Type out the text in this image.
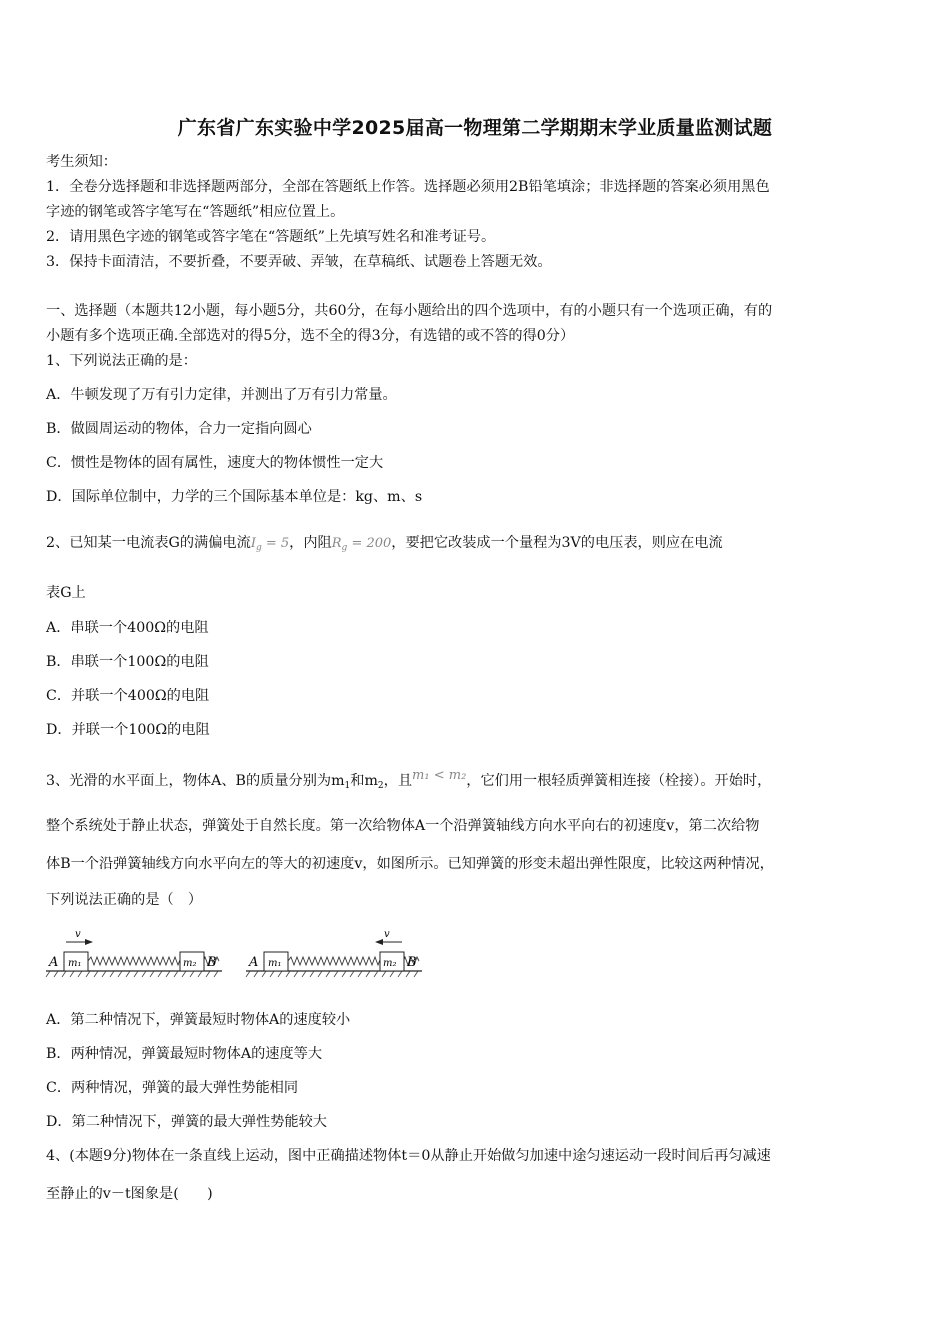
广东省广东实验中学2025届高一物理第二学期期末学业质量监测试题
考生须知：
1．全卷分选择题和非选择题两部分，全部在答题纸上作答。选择题必须用2B铅笔填涂；非选择题的答案必须用黑色
字迹的钢笔或答字笔写在“答题纸”相应位置上。
2．请用黑色字迹的钢笔或答字笔在“答题纸”上先填写姓名和准考证号。
3．保持卡面清洁，不要折叠，不要弄破、弄皱，在草稿纸、试题卷上答题无效。
一、选择题（本题共12小题，每小题5分，共60分，在每小题给出的四个选项中，有的小题只有一个选项正确，有的
小题有多个选项正确.全部选对的得5分，选不全的得3分，有选错的或不答的得0分）
1、下列说法正确的是：
A．牛顿发现了万有引力定律，并测出了万有引力常量。
B．做圆周运动的物体，合力一定指向圆心
C．惯性是物体的固有属性，速度大的物体惯性一定大
D．国际单位制中，力学的三个国际基本单位是：kg、m、s
2、已知某一电流表G的满偏电流$I_g = 5$，内阻$R_g = 200$，要把它改装成一个量程为3V的电压表，则应在电流
表G上
A．串联一个400Ω的电阻
B．串联一个100Ω的电阻
C．并联一个400Ω的电阻
D．并联一个100Ω的电阻
3、光滑的水平面上，物体A、B的质量分别为$m_1$和$m_2$，且m₁ < m₂，它们用一根轻质弹簧相连接（栓接）。开始时，
整个系统处于静止状态，弹簧处于自然长度。第一次给物体A一个沿弹簧轴线方向水平向右的初速度v，第二次给物
体B一个沿弹簧轴线方向水平向左的等大的初速度v，如图所示。已知弹簧的形变未超出弹性限度，比较这两种情况，
下列说法正确的是（　）
A m₁	m₂ B
v
A m₁	m₂ B
v
A．第二种情况下，弹簧最短时物体A的速度较小
B．两种情况，弹簧最短时物体A的速度等大
C．两种情况，弹簧的最大弹性势能相同
D．第二种情况下，弹簧的最大弹性势能较大
4、(本题9分)物体在一条直线上运动，图中正确描述物体t＝0从静止开始做匀加速中途匀速运动一段时间后再匀减速
至静止的v－t图象是(　　)
